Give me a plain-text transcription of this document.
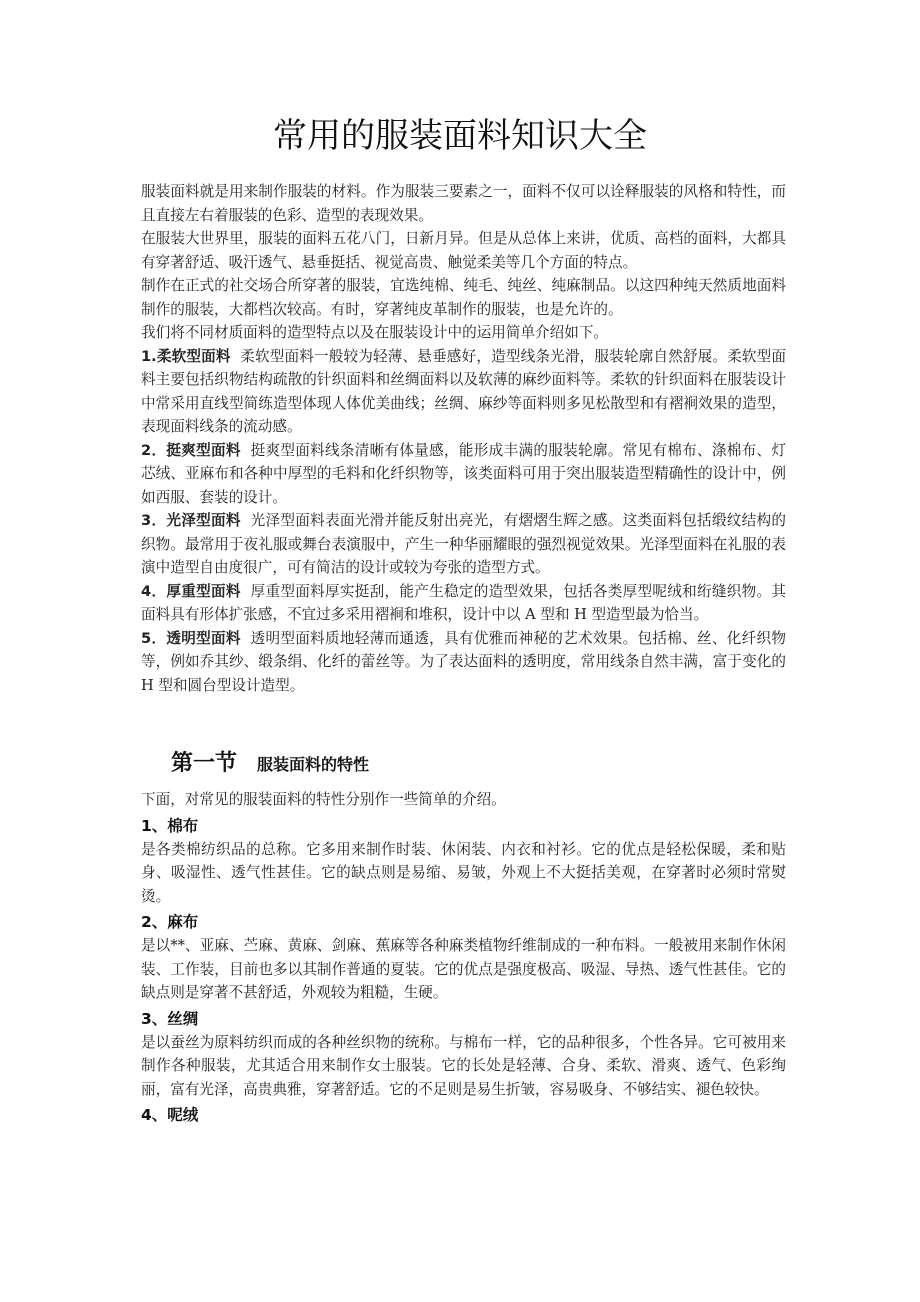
常用的服装面料知识大全

服装面料就是用来制作服装的材料。作为服装三要素之一，面料不仅可以诠释服装的风格和特性，而且直接左右着服装的色彩、造型的表现效果。

在服装大世界里，服装的面料五花八门，日新月异。但是从总体上来讲，优质、高档的面料，大都具有穿著舒适、吸汗透气、悬垂挺括、视觉高贵、触觉柔美等几个方面的特点。

制作在正式的社交场合所穿著的服装，宜选纯棉、纯毛、纯丝、纯麻制品。以这四种纯天然质地面料制作的服装，大都档次较高。有时，穿著纯皮革制作的服装，也是允许的。

我们将不同材质面料的造型特点以及在服装设计中的运用简单介绍如下。

1.柔软型面料 柔软型面料一般较为轻薄、悬垂感好，造型线条光滑，服装轮廓自然舒展。柔软型面料主要包括织物结构疏散的针织面料和丝绸面料以及软薄的麻纱面料等。柔软的针织面料在服装设计中常采用直线型简练造型体现人体优美曲线；丝绸、麻纱等面料则多见松散型和有褶裥效果的造型，表现面料线条的流动感。

2．挺爽型面料 挺爽型面料线条清晰有体量感，能形成丰满的服装轮廓。常见有棉布、涤棉布、灯芯绒、亚麻布和各种中厚型的毛料和化纤织物等，该类面料可用于突出服装造型精确性的设计中，例如西服、套装的设计。

3．光泽型面料 光泽型面料表面光滑并能反射出亮光，有熠熠生辉之感。这类面料包括缎纹结构的织物。最常用于夜礼服或舞台表演服中，产生一种华丽耀眼的强烈视觉效果。光泽型面料在礼服的表演中造型自由度很广，可有简洁的设计或较为夸张的造型方式。

4．厚重型面料 厚重型面料厚实挺刮，能产生稳定的造型效果，包括各类厚型呢绒和绗缝织物。其面料具有形体扩张感，不宜过多采用褶裥和堆积，设计中以 A 型和 H 型造型最为恰当。

5．透明型面料 透明型面料质地轻薄而通透，具有优雅而神秘的艺术效果。包括棉、丝、化纤织物等，例如乔其纱、缎条绢、化纤的蕾丝等。为了表达面料的透明度，常用线条自然丰满，富于变化的 H 型和圆台型设计造型。

第一节 服装面料的特性

下面，对常见的服装面料的特性分别作一些简单的介绍。

1、棉布

是各类棉纺织品的总称。它多用来制作时装、休闲装、内衣和衬衫。它的优点是轻松保暖，柔和贴身、吸湿性、透气性甚佳。它的缺点则是易缩、易皱，外观上不大挺括美观，在穿著时必须时常熨烫。

2、麻布

是以**、亚麻、苎麻、黄麻、剑麻、蕉麻等各种麻类植物纤维制成的一种布料。一般被用来制作休闲装、工作装，目前也多以其制作普通的夏装。它的优点是强度极高、吸湿、导热、透气性甚佳。它的缺点则是穿著不甚舒适，外观较为粗糙，生硬。

3、丝绸

是以蚕丝为原料纺织而成的各种丝织物的统称。与棉布一样，它的品种很多，个性各异。它可被用来制作各种服装，尤其适合用来制作女士服装。它的长处是轻薄、合身、柔软、滑爽、透气、色彩绚丽，富有光泽，高贵典雅，穿著舒适。它的不足则是易生折皱，容易吸身、不够结实、褪色较快。

4、呢绒
